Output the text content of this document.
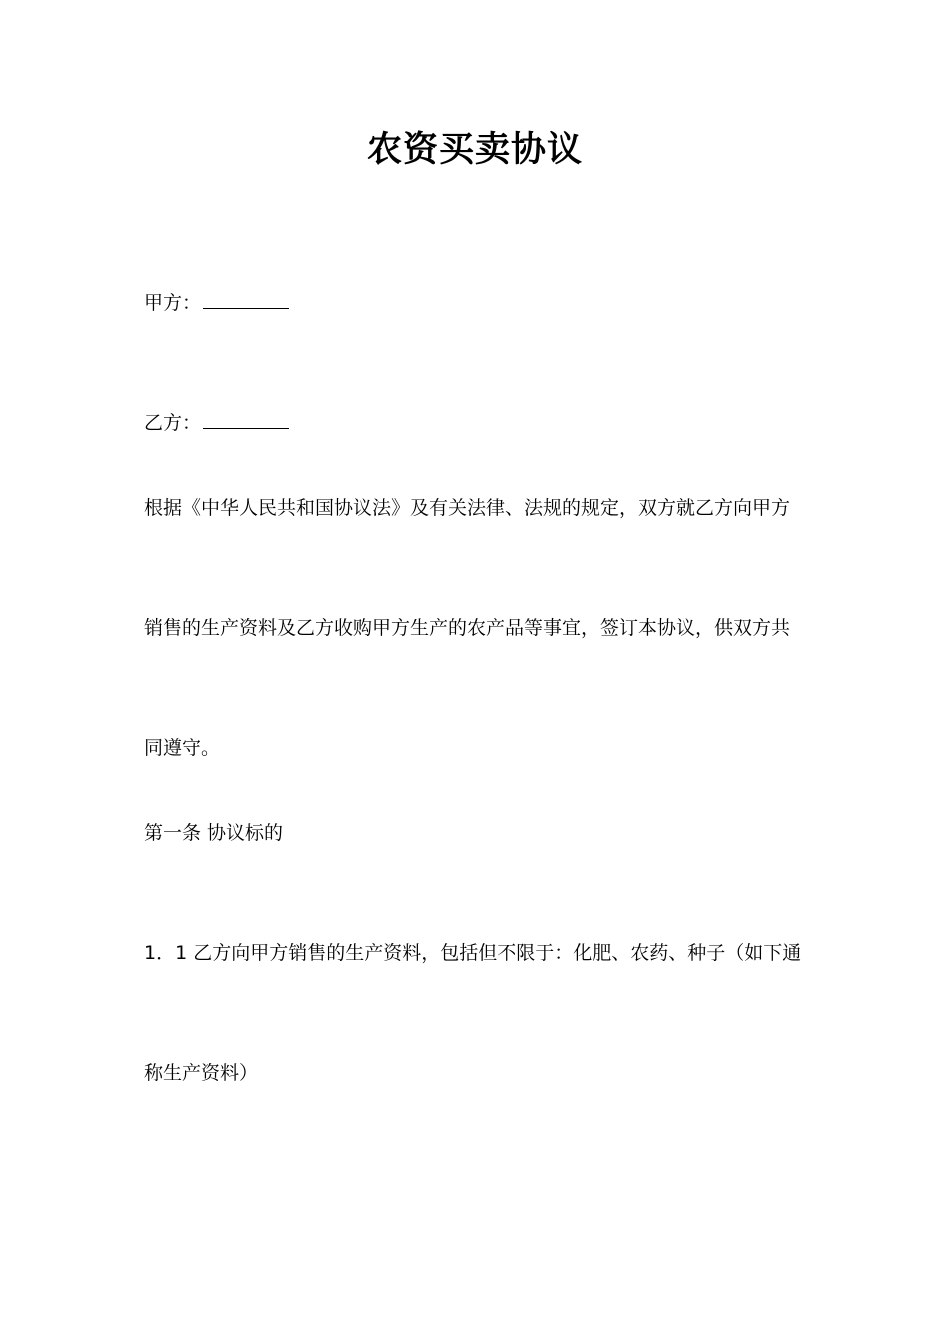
农资买卖协议
甲方：
乙方：
根据《中华人民共和国协议法》及有关法律、法规的规定，双方就乙方向甲方
销售的生产资料及乙方收购甲方生产的农产品等事宜，签订本协议，供双方共
同遵守。
第一条 协议标的
1．1 乙方向甲方销售的生产资料，包括但不限于：化肥、农药、种子（如下通
称生产资料）
